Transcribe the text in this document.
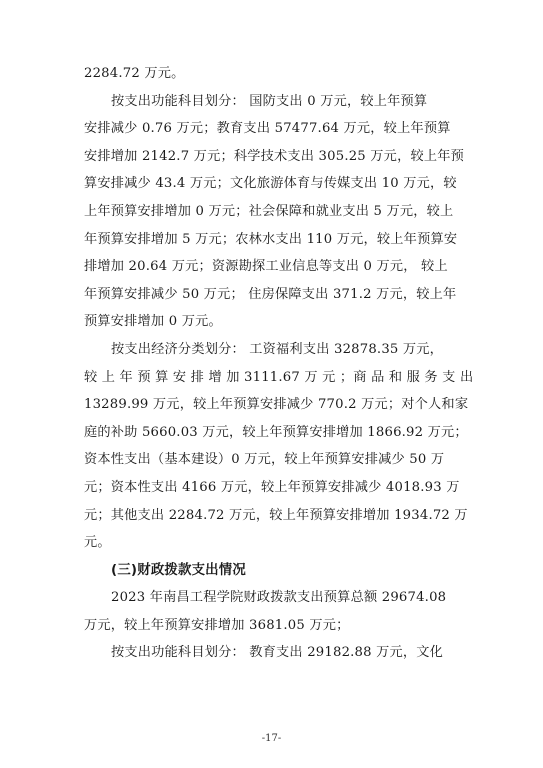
2284.72 万元。
按支出功能科目划分： 国防支出 0 万元，较上年预算
安排减少 0.76 万元；教育支出 57477.64 万元，较上年预算
安排增加 2142.7 万元；科学技术支出 305.25 万元，较上年预
算安排减少 43.4 万元；文化旅游体育与传媒支出 10 万元，较
上年预算安排增加 0 万元；社会保障和就业支出 5 万元，较上
年预算安排增加 5 万元；农林水支出 110 万元，较上年预算安
排增加 20.64 万元；资源勘探工业信息等支出 0 万元， 较上
年预算安排减少 50 万元； 住房保障支出 371.2 万元，较上年
预算安排增加 0 万元。
按支出经济分类划分： 工资福利支出 32878.35 万元，
较 上 年 预 算 安 排 增 加 3111.67 万 元 ；商 品 和 服 务 支 出
13289.99 万元，较上年预算安排减少 770.2 万元；对个人和家
庭的补助 5660.03 万元，较上年预算安排增加 1866.92 万元；
资本性支出（基本建设）0 万元，较上年预算安排减少 50 万
元；资本性支出 4166 万元，较上年预算安排减少 4018.93 万
元；其他支出 2284.72 万元，较上年预算安排增加 1934.72 万
元。
(三)财政拨款支出情况
2023 年南昌工程学院财政拨款支出预算总额 29674.08
万元，较上年预算安排增加 3681.05 万元；
按支出功能科目划分： 教育支出 29182.88 万元，文化
-17-
